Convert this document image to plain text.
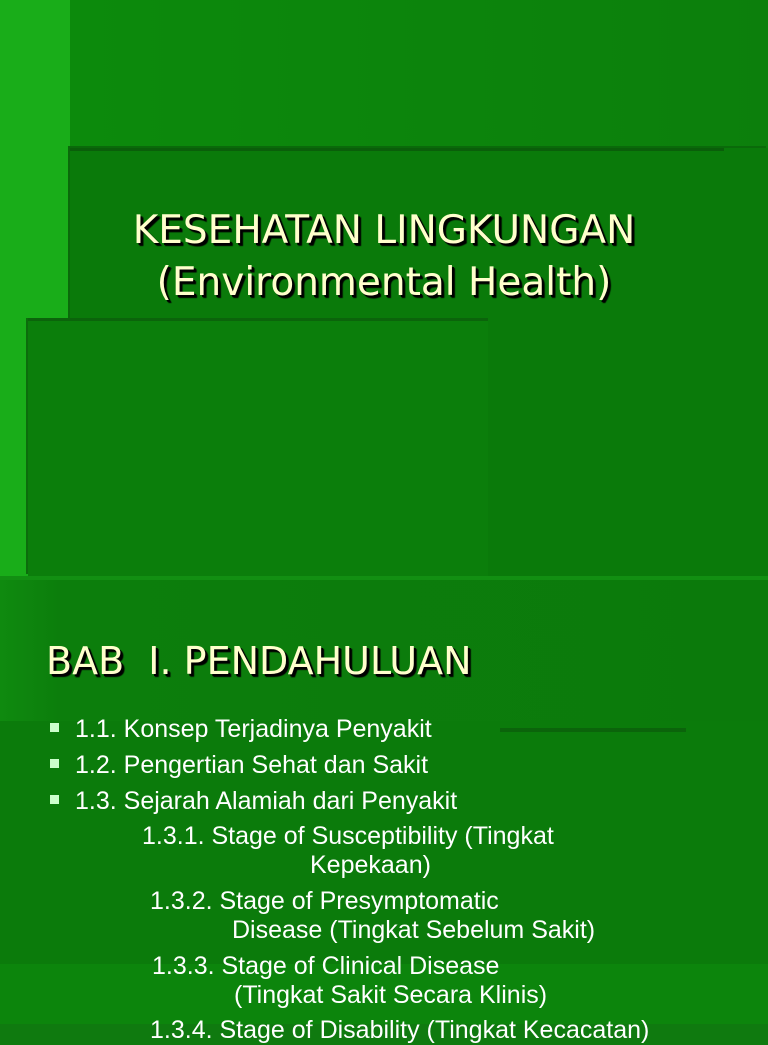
KESEHATAN LINGKUNGAN
(Environmental Health)
BAB  I. PENDAHULUAN
1.1. Konsep Terjadinya Penyakit
1.2. Pengertian Sehat dan Sakit
1.3. Sejarah Alamiah dari Penyakit
1.3.1. Stage of Susceptibility (Tingkat
Kepekaan)
1.3.2. Stage of Presymptomatic
Disease (Tingkat Sebelum Sakit)
1.3.3. Stage of Clinical Disease
(Tingkat Sakit Secara Klinis)
1.3.4. Stage of Disability (Tingkat Kecacatan)
